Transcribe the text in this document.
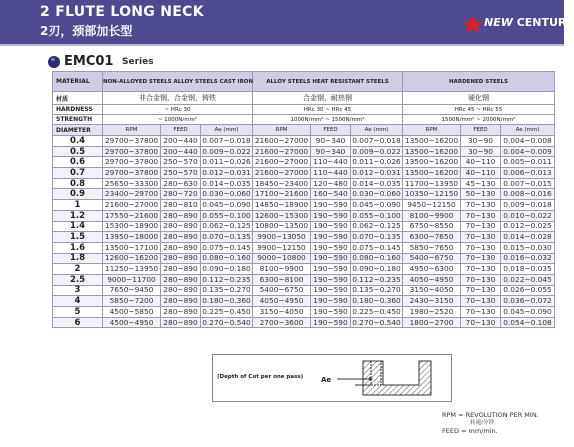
2 FLUTE LONG NECK
2刃，颈部加长型
NEW CENTURY
EMC01 Series
MATERIAL	NON-ALLOYED STEELS ALLOY STEELS CAST IRON			ALLOY STEELS HEAT RESISTANT STEELS			HARDENED STEELS		
材质	非合金钢，合金钢，铸铁			合金钢，耐热钢			硬化钢		
HARDNESS	~ HRc 30			HRc 30 ~ HRc 45			HRc 45 ~ HRc 55		
STRENGTH	~ 1000N/mm²			1000N/mm² ~ 1500N/mm²			1500N/mm² ~ 2000N/mm²		
DIAMETER	RPM	FEED	Ae (mm)	RPM	FEED	Ae (mm)	RPM	FEED	Ae (mm)
0.4	29700~37800	200~440	0.007~0.018	21600~27000	90~340	0.007~0.018	13500~16200	30~90	0.004~0.008
0.5	29700~37800	200~440	0.009~0.022	21600~27000	90~340	0.009~0.022	13500~16200	30~90	0.004~0.009
0.6	29700~37800	250~570	0.011~0.026	21600~27000	110~440	0.011~0.026	13500~16200	40~110	0.005~0.011
0.7	29700~37800	250~570	0.012~0.031	21600~27000	110~440	0.012~0.031	13500~16200	40~110	0.006~0.013
0.8	25650~33300	280~630	0.014~0.035	18450~23400	120~480	0.014~0.035	11700~13950	45~130	0.007~0.015
0.9	23400~29700	280~720	0.030~0.060	17100~21600	160~540	0.030~0.060	10350~12150	50~130	0.008~0.016
1	21600~27000	280~810	0.045~0.090	14850~18900	190~590	0.045~0.090	9450~12150	70~130	0.009~0.018
1.2	17550~21600	280~890	0.055~0.100	12600~15300	190~590	0.055~0.100	8100~9900	70~130	0.010~0.022
1.4	15300~18900	280~890	0.062~0.125	10800~13500	190~590	0.062~0.125	6750~8550	70~130	0.012~0.025
1.5	13950~18000	280~890	0.070~0.135	9900~13050	190~590	0.070~0.135	6300~7650	70~130	0.014~0.028
1.6	13500~17100	280~890	0.075~0.145	9900~12150	190~590	0.075~0.145	5850~7650	70~130	0.015~0.030
1.8	12600~16200	280~890	0.080~0.160	9000~10800	190~590	0.080~0.160	5400~6750	70~130	0.016~0.032
2	11250~13950	280~890	0.090~0.180	8100~9900	190~590	0.090~0.180	4950~6300	70~130	0.018~0.035
2.5	9000~11700	280~890	0.112~0.235	6300~8100	190~590	0.112~0.235	4050~4950	70~130	0.022~0.045
3	7650~9450	280~890	0.135~0.270	5400~6750	190~590	0.135~0.270	3150~4050	70~130	0.026~0.055
4	5850~7200	280~890	0.180~0.360	4050~4950	190~590	0.180~0.360	2430~3150	70~130	0.036~0.072
5	4500~5850	280~890	0.225~0.450	3150~4050	190~590	0.225~0.450	1980~2520	70~130	0.045~0.090
6	4500~4950	280~890	0.270~0.540	2700~3600	190~590	0.270~0.540	1800~2700	70~130	0.054~0.108
(Depth of Cut per one pass)	Ae
RPM = REVOLUTION PER MIN.
转速/分钟
FEED = mm/min.
